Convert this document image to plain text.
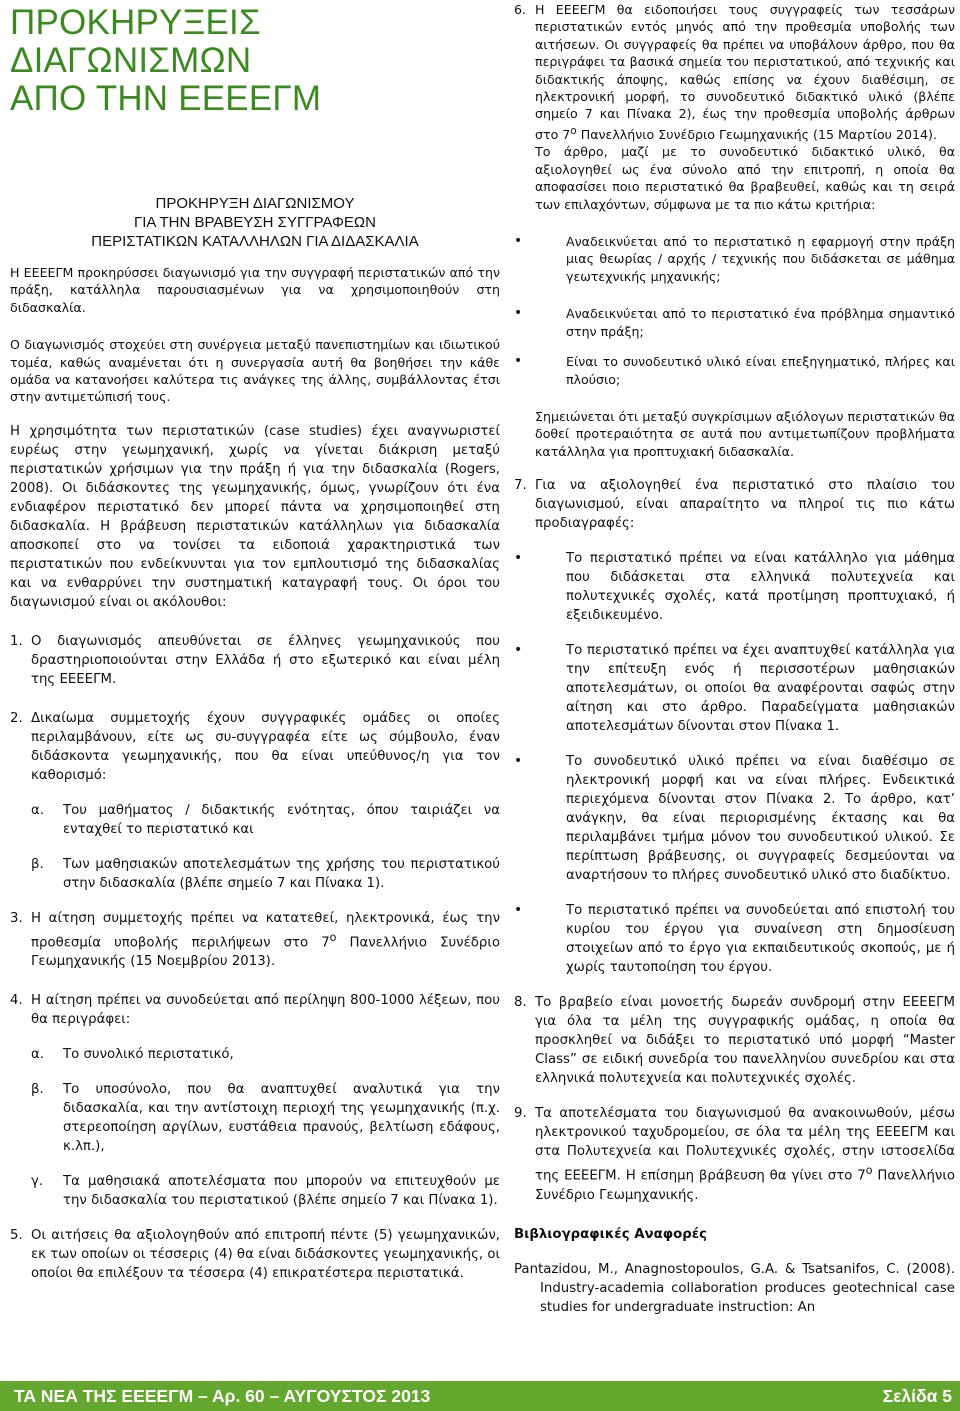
ΠΡΟΚΗΡΥΞΕΙΣ
ΔΙΑΓΩΝΙΣΜΩΝ
ΑΠΟ ΤΗΝ ΕΕΕΕΓΜ
ΠΡΟΚΗΡΥΞΗ ΔΙΑΓΩΝΙΣΜΟΥ
ΓΙΑ ΤΗΝ ΒΡΑΒΕΥΣΗ ΣΥΓΓΡΑΦΕΩΝ
ΠΕΡΙΣΤΑΤΙΚΩΝ ΚΑΤΑΛΛΗΛΩΝ ΓΙΑ ΔΙΔΑΣΚΑΛΙΑ

Η ΕΕΕΕΓΜ προκηρύσσει διαγωνισμό για την συγγραφή περιστατικών από την πράξη, κατάλληλα παρουσιασμένων για να χρησιμοποιηθούν στη διδασκαλία.

Ο διαγωνισμός στοχεύει στη συνέργεια μεταξύ πανεπιστημίων και ιδιωτικού τομέα, καθώς αναμένεται ότι η συνεργασία αυτή θα βοηθήσει την κάθε ομάδα να κατανοήσει καλύτερα τις ανάγκες της άλλης, συμβάλλοντας έτσι στην αντιμετώπισή τους.

Η χρησιμότητα των περιστατικών (case studies) έχει αναγνωριστεί ευρέως στην γεωμηχανική, χωρίς να γίνεται διάκριση μεταξύ περιστατικών χρήσιμων για την πράξη ή για την διδασκαλία (Rogers, 2008). Οι διδάσκοντες της γεωμηχανικής, όμως, γνωρίζουν ότι ένα ενδιαφέρον περιστατικό δεν μπορεί πάντα να χρησιμοποιηθεί στη διδασκαλία. Η βράβευση περιστατικών κατάλληλων για διδασκαλία αποσκοπεί στο να τονίσει τα ειδοποιά χαρακτηριστικά των περιστατικών που ενδείκνυνται για τον εμπλουτισμό της διδασκαλίας και να ενθαρρύνει την συστηματική καταγραφή τους. Οι όροι του διαγωνισμού είναι οι ακόλουθοι:

1. Ο διαγωνισμός απευθύνεται σε έλληνες γεωμηχανικούς που δραστηριοποιούνται στην Ελλάδα ή στο εξωτερικό και είναι μέλη της ΕΕΕΕΓΜ.
2. Δικαίωμα συμμετοχής έχουν συγγραφικές ομάδες οι οποίες περιλαμβάνουν, είτε ως συ-συγγραφέα είτε ως σύμβουλο, έναν διδάσκοντα γεωμηχανικής, που θα είναι υπεύθυνος/η για τον καθορισμό:
α.	Του μαθήματος / διδακτικής ενότητας, όπου ταιριάζει να ενταχθεί το περιστατικό και
β.	Των μαθησιακών αποτελεσμάτων της χρήσης του περιστατικού στην διδασκαλία (βλέπε σημείο 7 και Πίνακα 1).
3. Η αίτηση συμμετοχής πρέπει να κατατεθεί, ηλεκτρονικά, έως την προθεσμία υποβολής περιλήψεων στο $7^o$ Πανελλήνιο Συνέδριο Γεωμηχανικής (15 Νοεμβρίου 2013).
4. Η αίτηση πρέπει να συνοδεύεται από περίληψη 800-1000 λέξεων, που θα περιγράφει:
α.	Το συνολικό περιστατικό,
β.	Το υποσύνολο, που θα αναπτυχθεί αναλυτικά για την διδασκαλία, και την αντίστοιχη περιοχή της γεωμηχανικής (π.χ. στερεοποίηση αργίλων, ευστάθεια πρανούς, βελτίωση εδάφους, κ.λπ.),
γ.	Τα μαθησιακά αποτελέσματα που μπορούν να επιτευχθούν με την διδασκαλία του περιστατικού (βλέπε σημείο 7 και Πίνακα 1).
5. Οι αιτήσεις θα αξιολογηθούν από επιτροπή πέντε (5) γεωμηχανικών, εκ των οποίων οι τέσσερις (4) θα είναι διδάσκοντες γεωμηχανικής, οι οποίοι θα επιλέξουν τα τέσσερα (4) επικρατέστερα περιστατικά.
6. Η ΕΕΕΕΓΜ θα ειδοποιήσει τους συγγραφείς των τεσσάρων περιστατικών εντός μηνός από την προθεσμία υποβολής των αιτήσεων. Οι συγγραφείς θα πρέπει να υποβάλουν άρθρο, που θα περιγράφει τα βασικά σημεία του περιστατικού, από τεχνικής και διδακτικής άποψης, καθώς επίσης να έχουν διαθέσιμη, σε ηλεκτρονική μορφή, το συνοδευτικό διδακτικό υλικό (βλέπε σημείο 7 και Πίνακα 2), έως την προθεσμία υποβολής άρθρων στο $7^o$ Πανελλήνιο Συνέδριο Γεωμηχανικής (15 Μαρτίου 2014).

Το άρθρο, μαζί με το συνοδευτικό διδακτικό υλικό, θα αξιολογηθεί ως ένα σύνολο από την επιτροπή, η οποία θα αποφασίσει ποιο περιστατικό θα βραβευθεί, καθώς και τη σειρά των επιλαχόντων, σύμφωνα με τα πιο κάτω κριτήρια:

•	Αναδεικνύεται από το περιστατικό η εφαρμογή στην πράξη μιας θεωρίας / αρχής / τεχνικής που διδάσκεται σε μάθημα γεωτεχνικής μηχανικής;
•	Αναδεικνύεται από το περιστατικό ένα πρόβλημα σημαντικό στην πράξη;
•	Είναι το συνοδευτικό υλικό είναι επεξηγηματικό, πλήρες και πλούσιο;

Σημειώνεται ότι μεταξύ συγκρίσιμων αξιόλογων περιστατικών θα δοθεί προτεραιότητα σε αυτά που αντιμετωπίζουν προβλήματα κατάλληλα για προπτυχιακή διδασκαλία.

7. Για να αξιολογηθεί ένα περιστατικό στο πλαίσιο του διαγωνισμού, είναι απαραίτητο να πληροί τις πιο κάτω προδιαγραφές:
•	Το περιστατικό πρέπει να είναι κατάλληλο για μάθημα που διδάσκεται στα ελληνικά πολυτεχνεία και πολυτεχνικές σχολές, κατά προτίμηση προπτυχιακό, ή εξειδικευμένο.
•	Το περιστατικό πρέπει να έχει αναπτυχθεί κατάλληλα για την επίτευξη ενός ή περισσοτέρων μαθησιακών αποτελεσμάτων, οι οποίοι θα αναφέρονται σαφώς στην αίτηση και στο άρθρο. Παραδείγματα μαθησιακών αποτελεσμάτων δίνονται στον Πίνακα 1.
•	Το συνοδευτικό υλικό πρέπει να είναι διαθέσιμο σε ηλεκτρονική μορφή και να είναι πλήρες. Ενδεικτικά περιεχόμενα δίνονται στον Πίνακα 2. Το άρθρο, κατ’ ανάγκην, θα είναι περιορισμένης έκτασης και θα περιλαμβάνει τμήμα μόνον του συνοδευτικού υλικού. Σε περίπτωση βράβευσης, οι συγγραφείς δεσμεύονται να αναρτήσουν το πλήρες συνοδευτικό υλικό στο διαδίκτυο.
•	Το περιστατικό πρέπει να συνοδεύεται από επιστολή του κυρίου του έργου για συναίνεση στη δημοσίευση στοιχείων από το έργο για εκπαιδευτικούς σκοπούς, με ή χωρίς ταυτοποίηση του έργου.
8. Το βραβείο είναι μονοετής δωρεάν συνδρομή στην ΕΕΕΕΓΜ για όλα τα μέλη της συγγραφικής ομάδας, η οποία θα προσκληθεί να διδάξει το περιστατικό υπό μορφή “Master Class” σε ειδική συνεδρία του πανελληνίου συνεδρίου και στα ελληνικά πολυτεχνεία και πολυτεχνικές σχολές.
9. Τα αποτελέσματα του διαγωνισμού θα ανακοινωθούν, μέσω ηλεκτρονικού ταχυδρομείου, σε όλα τα μέλη της ΕΕΕΕΓΜ και στα Πολυτεχνεία και Πολυτεχνικές σχολές, στην ιστοσελίδα της ΕΕΕΕΓΜ. Η επίσημη βράβευση θα γίνει στο $7^o$ Πανελλήνιο Συνέδριο Γεωμηχανικής.
Βιβλιογραφικές Αναφορές

Pantazidou, M., Anagnostopoulos, G.A. & Tsatsanifos, C. (2008). Industry-academia collaboration produces geotechnical case studies for undergraduate instruction: An

ΤΑ ΝΕΑ ΤΗΣ ΕΕΕΕΓΜ – Αρ. 60 – ΑΥΓΟΥΣΤΟΣ 2013	Σελίδα 5
